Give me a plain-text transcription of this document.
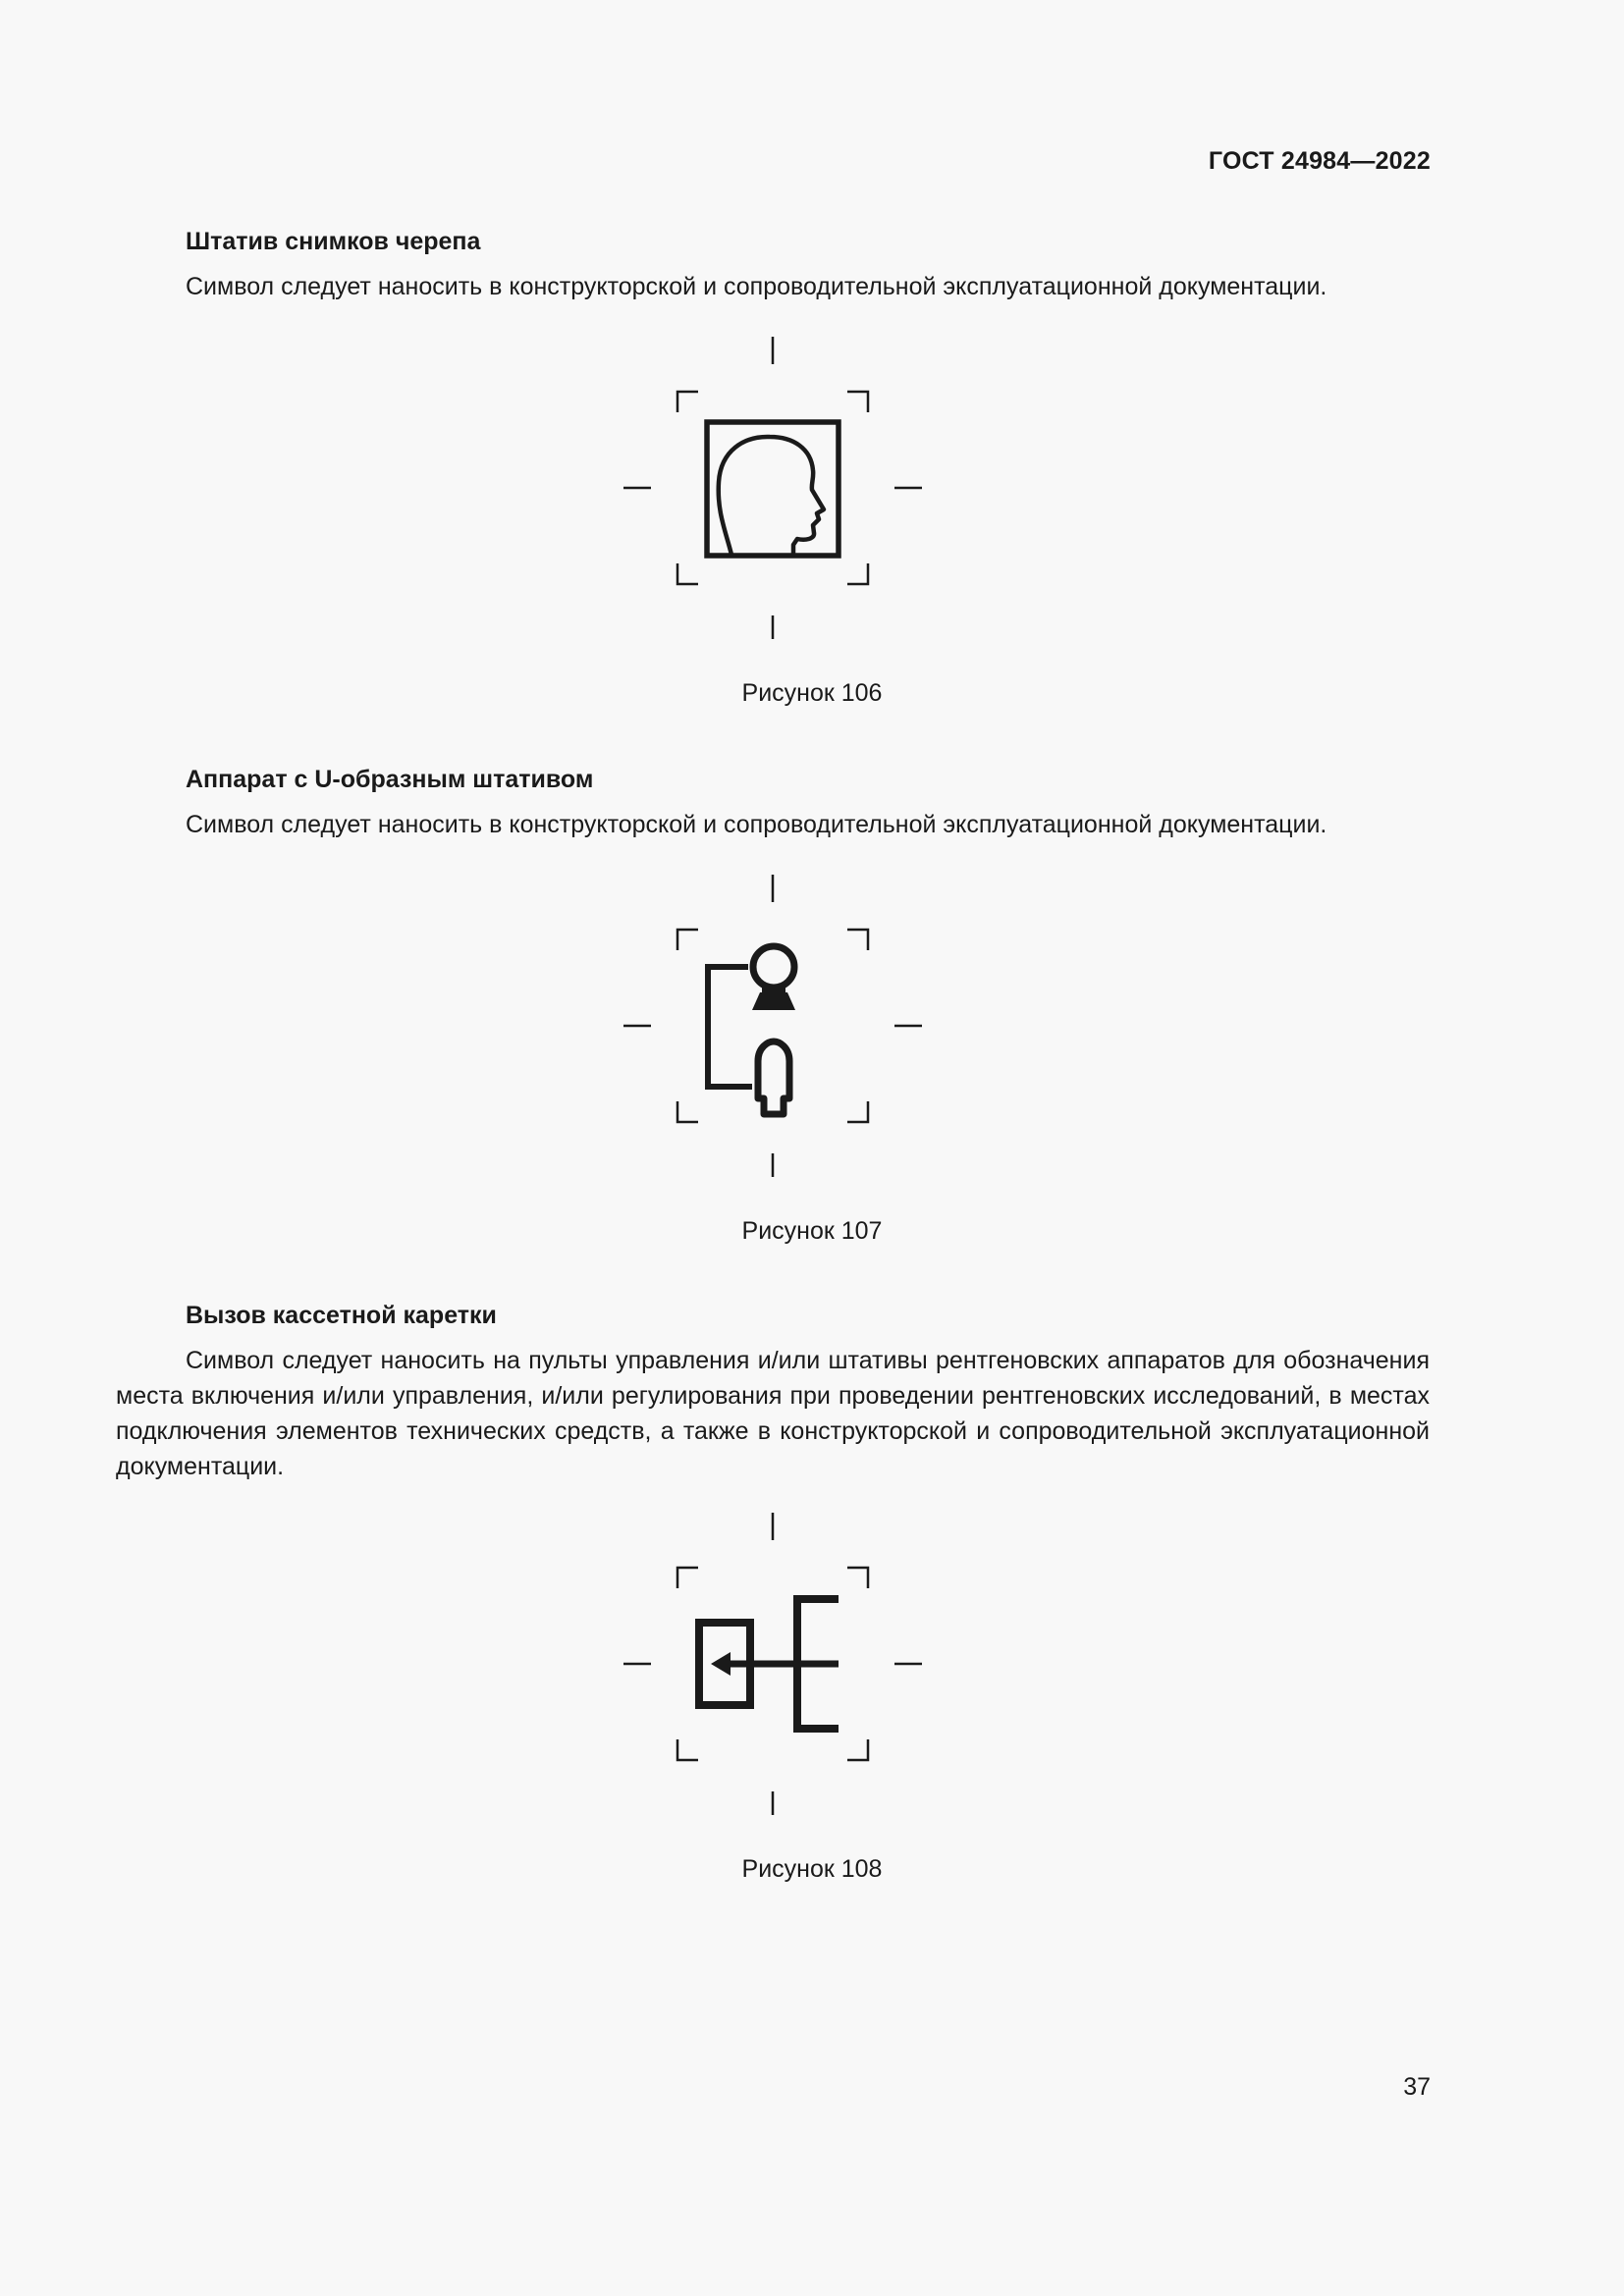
ГОСТ 24984—2022
Штатив снимков черепа

Символ следует наносить в конструкторской и сопроводительной эксплуатационной документации.

Рисунок 106
Аппарат с U-образным штативом

Символ следует наносить в конструкторской и сопроводительной эксплуатационной документации.

Рисунок 107
Вызов кассетной каретки

Символ следует наносить на пульты управления и/или штативы рентгеновских аппаратов для обозначения места включения и/или управления, и/или регулирования при проведении рентгеновских исследований, в местах подключения элементов технических средств, а также в конструкторской и сопроводительной эксплуатационной документации.

Рисунок 108
37
